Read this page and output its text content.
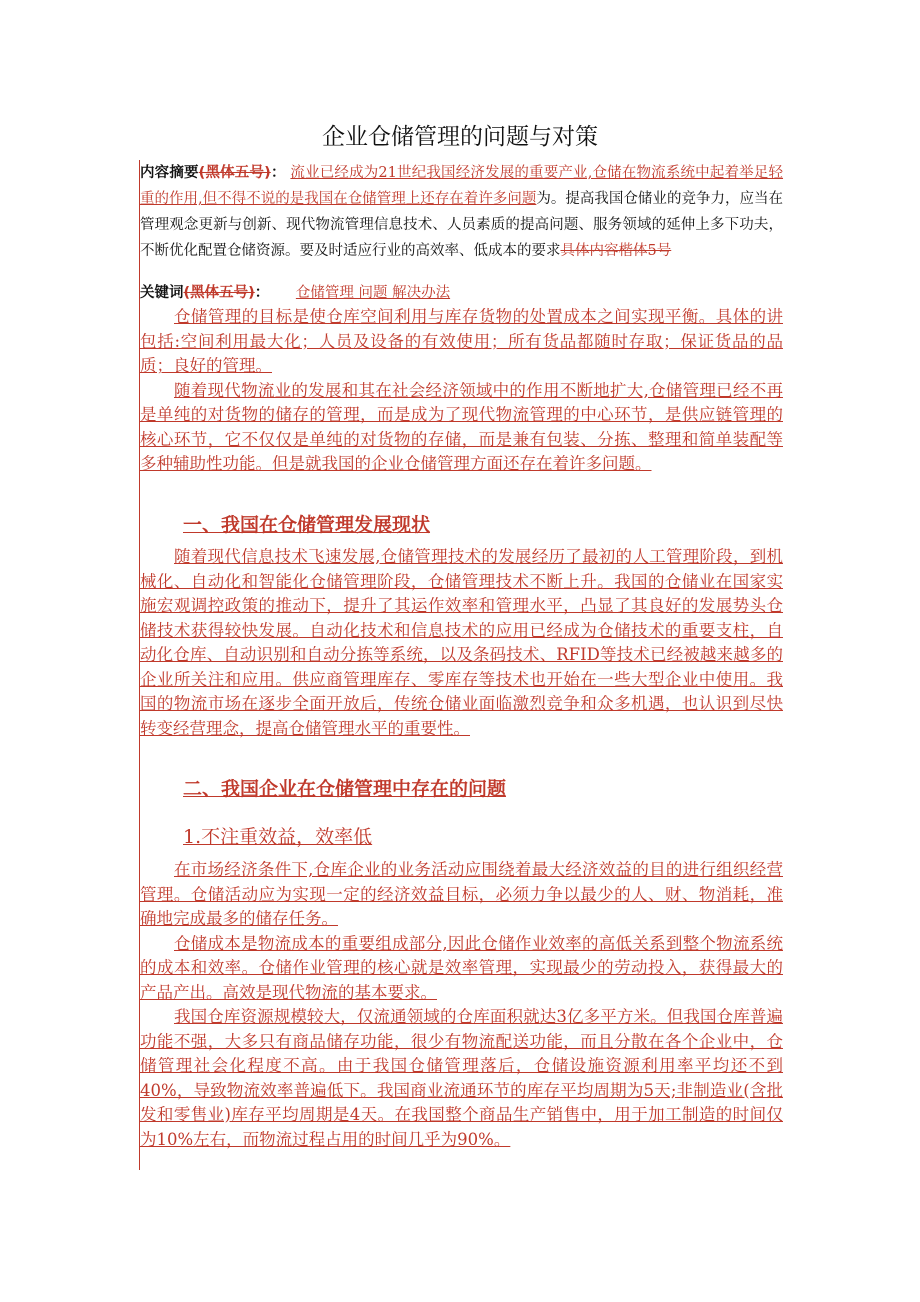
企业仓储管理的问题与对策
内容摘要(黑体五号)： 流业已经成为21世纪我国经济发展的重要产业,仓储在物流系统中起着举足轻重的作用,但不得不说的是我国在仓储管理上还存在着许多问题为。提高我国仓储业的竞争力，应当在管理观念更新与创新、现代物流管理信息技术、人员素质的提高问题、服务领域的延伸上多下功夫，不断优化配置仓储资源。要及时适应行业的高效率、低成本的要求具体内容楷体5号
关键词(黑体五号)： 仓储管理 问题 解决办法

仓储管理的目标是使仓库空间利用与库存货物的处置成本之间实现平衡。具体的讲包括:空间利用最大化；人员及设备的有效使用；所有货品都随时存取；保证货品的品质；良好的管理。

随着现代物流业的发展和其在社会经济领域中的作用不断地扩大,仓储管理已经不再是单纯的对货物的储存的管理，而是成为了现代物流管理的中心环节，是供应链管理的核心环节，它不仅仅是单纯的对货物的存储，而是兼有包装、分拣、整理和简单装配等多种辅助性功能。但是就我国的企业仓储管理方面还存在着许多问题。

一、我国在仓储管理发展现状

随着现代信息技术飞速发展,仓储管理技术的发展经历了最初的人工管理阶段，到机械化、自动化和智能化仓储管理阶段，仓储管理技术不断上升。我国的仓储业在国家实施宏观调控政策的推动下，提升了其运作效率和管理水平，凸显了其良好的发展势头仓储技术获得较快发展。自动化技术和信息技术的应用已经成为仓储技术的重要支柱，自动化仓库、自动识别和自动分拣等系统，以及条码技术、RFID等技术已经被越来越多的企业所关注和应用。供应商管理库存、零库存等技术也开始在一些大型企业中使用。我国的物流市场在逐步全面开放后，传统仓储业面临激烈竞争和众多机遇，也认识到尽快转变经营理念，提高仓储管理水平的重要性。

二、我国企业在仓储管理中存在的问题
1.不注重效益，效率低

在市场经济条件下,仓库企业的业务活动应围绕着最大经济效益的目的进行组织经营管理。仓储活动应为实现一定的经济效益目标，必须力争以最少的人、财、物消耗，准确地完成最多的储存任务。

仓储成本是物流成本的重要组成部分,因此仓储作业效率的高低关系到整个物流系统的成本和效率。仓储作业管理的核心就是效率管理，实现最少的劳动投入，获得最大的产品产出。高效是现代物流的基本要求。

我国仓库资源规模较大，仅流通领域的仓库面积就达3亿多平方米。但我国仓库普遍功能不强，大多只有商品储存功能，很少有物流配送功能，而且分散在各个企业中，仓储管理社会化程度不高。由于我国仓储管理落后，仓储设施资源利用率平均还不到40%，导致物流效率普遍低下。我国商业流通环节的库存平均周期为5天;非制造业(含批发和零售业)库存平均周期是4天。在我国整个商品生产销售中，用于加工制造的时间仅为10%左右，而物流过程占用的时间几乎为90%。
